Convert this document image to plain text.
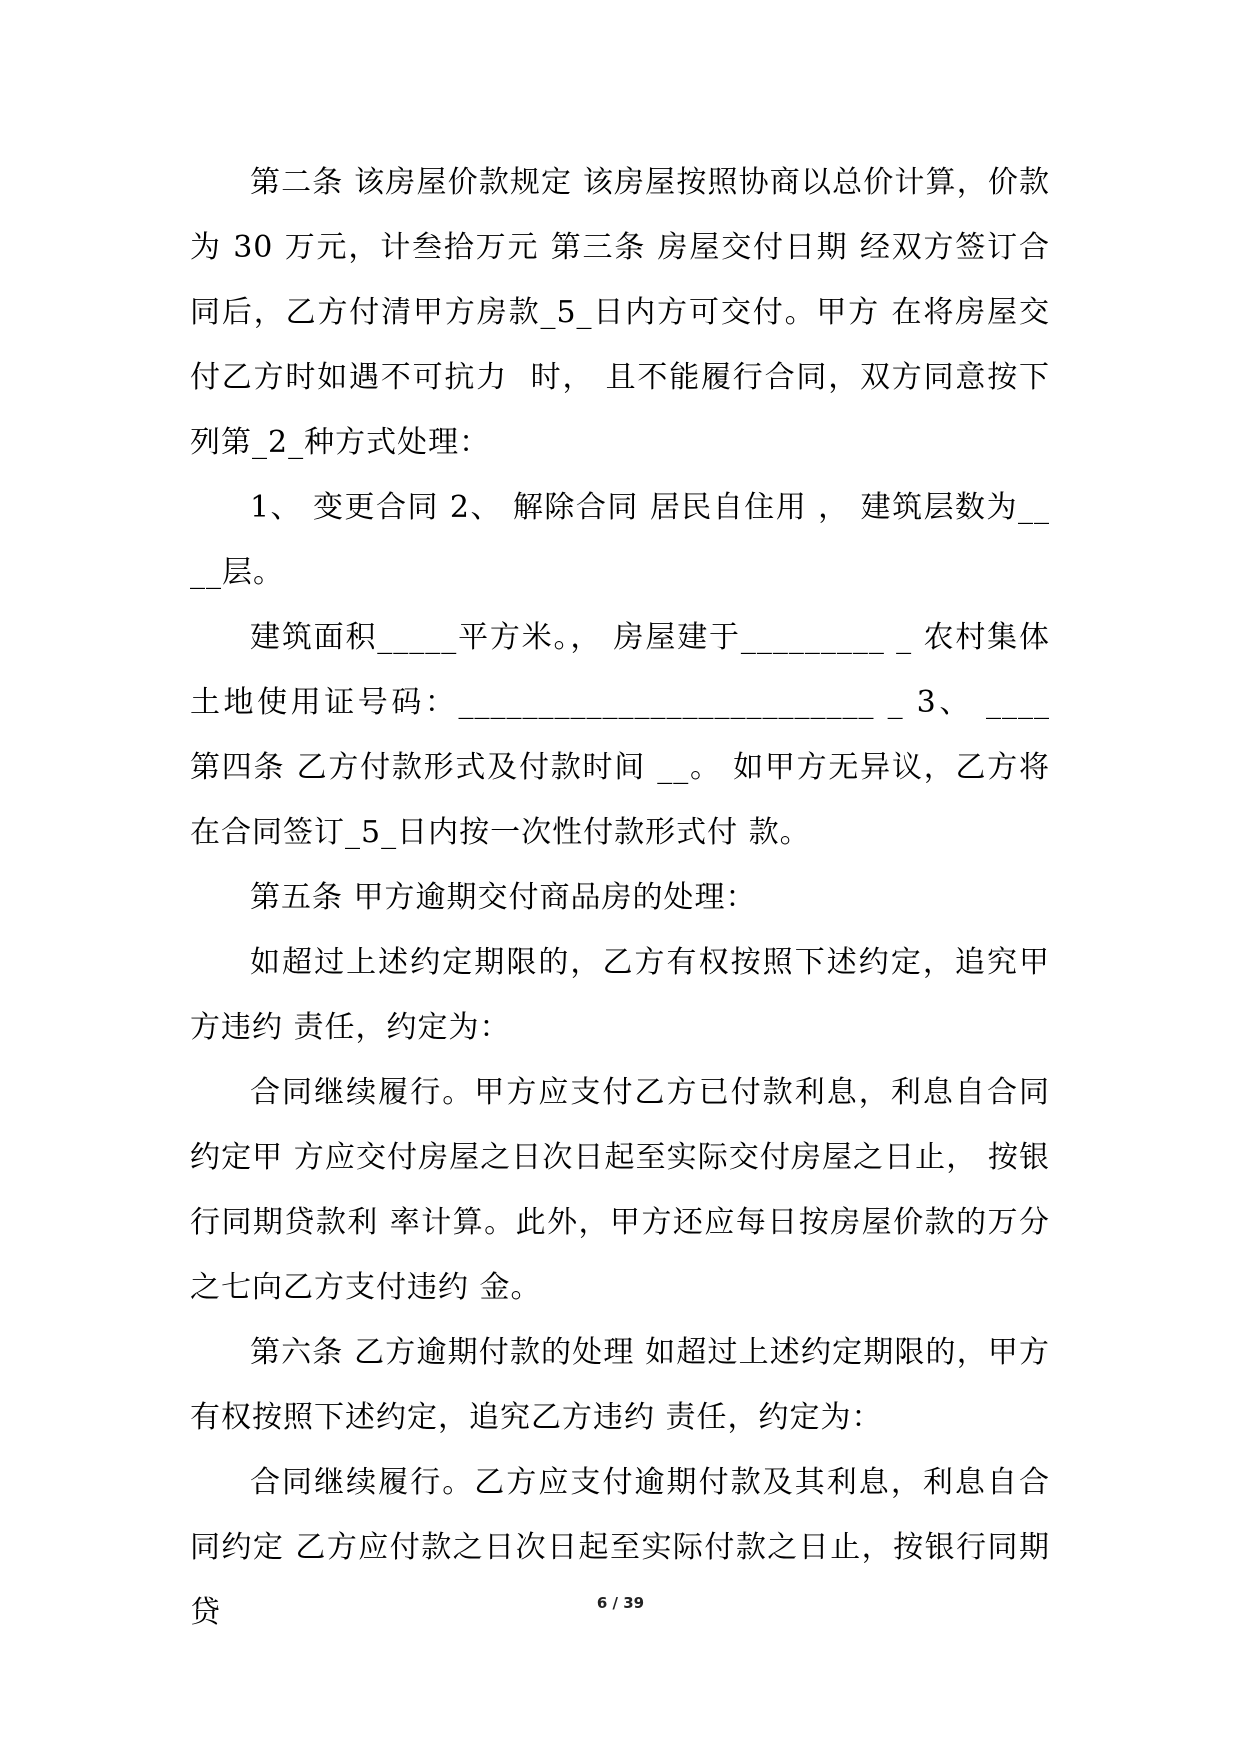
第二条 该房屋价款规定 该房屋按照协商以总价计算，价款为 30 万元，计叁拾万元 第三条 房屋交付日期 经双方签订合同后，乙方付清甲方房款_5_日内方可交付。甲方 在将房屋交付乙方时如遇不可抗力  时， 且不能履行合同，双方同意按下列第_2_种方式处理：

1、 变更合同 2、 解除合同 居民自住用 ， 建筑层数为____层。

建筑面积_____平方米。， 房屋建于_________ _ 农村集体土地使用证号码：__________________________ _ 3、 ____ 第四条 乙方付款形式及付款时间 __。 如甲方无异议，乙方将在合同签订_5_日内按一次性付款形式付 款。

第五条 甲方逾期交付商品房的处理：

如超过上述约定期限的，乙方有权按照下述约定，追究甲方违约 责任，约定为：

合同继续履行。甲方应支付乙方已付款利息，利息自合同约定甲 方应交付房屋之日次日起至实际交付房屋之日止， 按银行同期贷款利 率计算。此外，甲方还应每日按房屋价款的万分之七向乙方支付违约 金。

第六条 乙方逾期付款的处理 如超过上述约定期限的，甲方有权按照下述约定，追究乙方违约 责任，约定为：

合同继续履行。乙方应支付逾期付款及其利息，利息自合同约定 乙方应付款之日次日起至实际付款之日止，按银行同期贷	6 / 39
